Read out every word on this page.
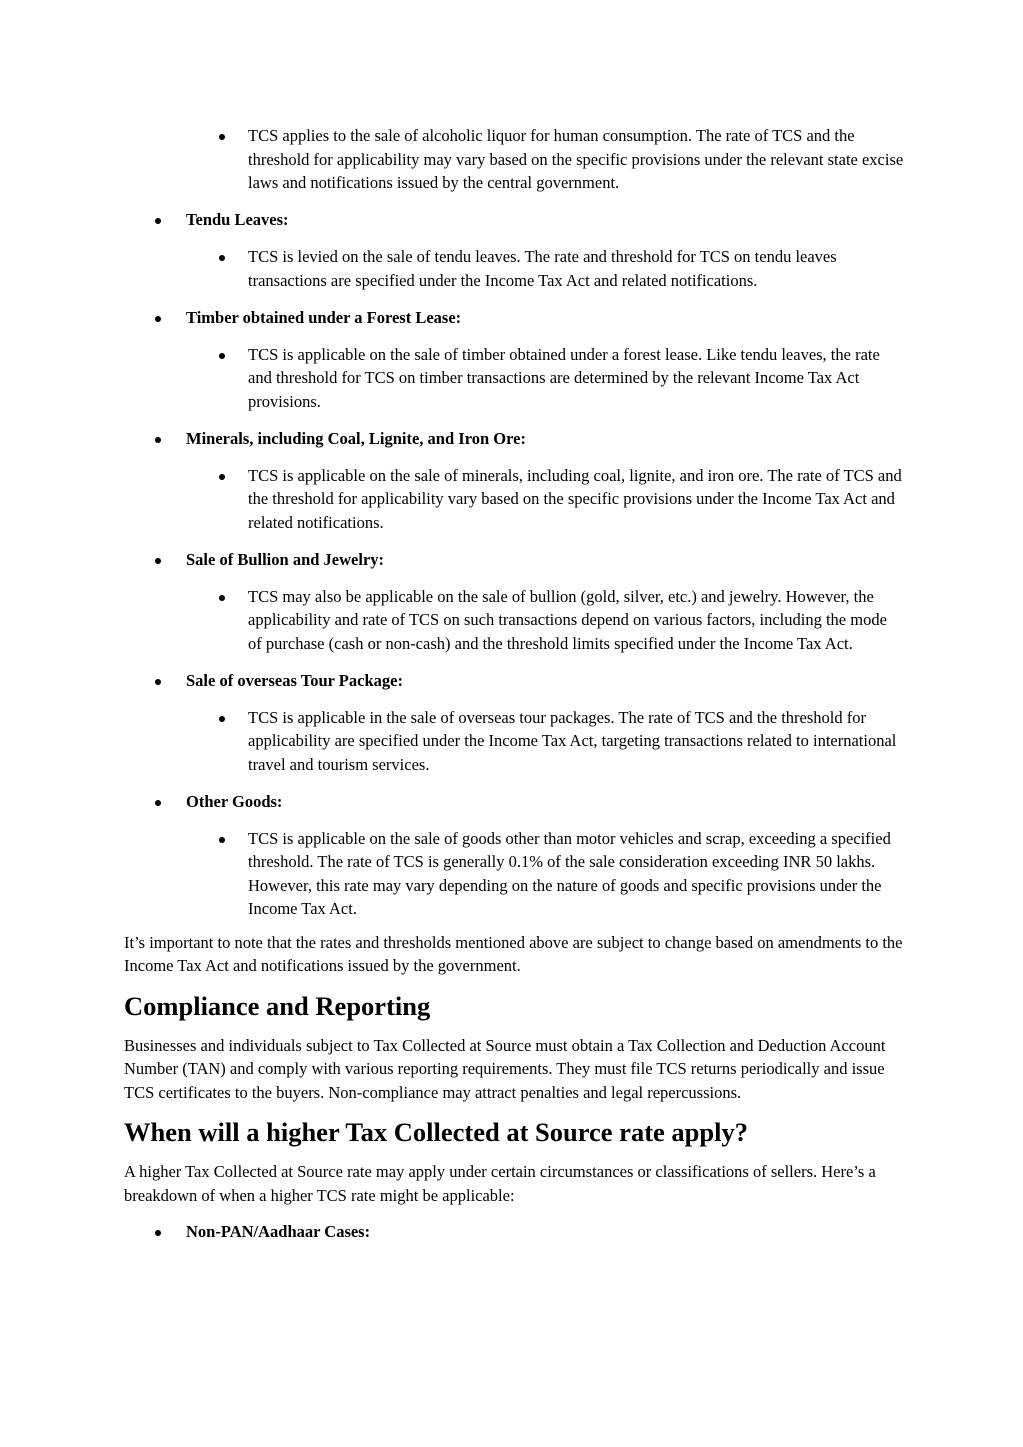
TCS applies to the sale of alcoholic liquor for human consumption. The rate of TCS and the threshold for applicability may vary based on the specific provisions under the relevant state excise laws and notifications issued by the central government.
Tendu Leaves:
TCS is levied on the sale of tendu leaves. The rate and threshold for TCS on tendu leaves transactions are specified under the Income Tax Act and related notifications.
Timber obtained under a Forest Lease:
TCS is applicable on the sale of timber obtained under a forest lease. Like tendu leaves, the rate and threshold for TCS on timber transactions are determined by the relevant Income Tax Act provisions.
Minerals, including Coal, Lignite, and Iron Ore:
TCS is applicable on the sale of minerals, including coal, lignite, and iron ore. The rate of TCS and the threshold for applicability vary based on the specific provisions under the Income Tax Act and related notifications.
Sale of Bullion and Jewelry:
TCS may also be applicable on the sale of bullion (gold, silver, etc.) and jewelry. However, the applicability and rate of TCS on such transactions depend on various factors, including the mode of purchase (cash or non-cash) and the threshold limits specified under the Income Tax Act.
Sale of overseas Tour Package:
TCS is applicable in the sale of overseas tour packages. The rate of TCS and the threshold for applicability are specified under the Income Tax Act, targeting transactions related to international travel and tourism services.
Other Goods:
TCS is applicable on the sale of goods other than motor vehicles and scrap, exceeding a specified threshold. The rate of TCS is generally 0.1% of the sale consideration exceeding INR 50 lakhs. However, this rate may vary depending on the nature of goods and specific provisions under the Income Tax Act.

It’s important to note that the rates and thresholds mentioned above are subject to change based on amendments to the Income Tax Act and notifications issued by the government.

Compliance and Reporting

Businesses and individuals subject to Tax Collected at Source must obtain a Tax Collection and Deduction Account Number (TAN) and comply with various reporting requirements. They must file TCS returns periodically and issue TCS certificates to the buyers. Non-compliance may attract penalties and legal repercussions.

When will a higher Tax Collected at Source rate apply?

A higher Tax Collected at Source rate may apply under certain circumstances or classifications of sellers. Here’s a breakdown of when a higher TCS rate might be applicable:

Non-PAN/Aadhaar Cases:
